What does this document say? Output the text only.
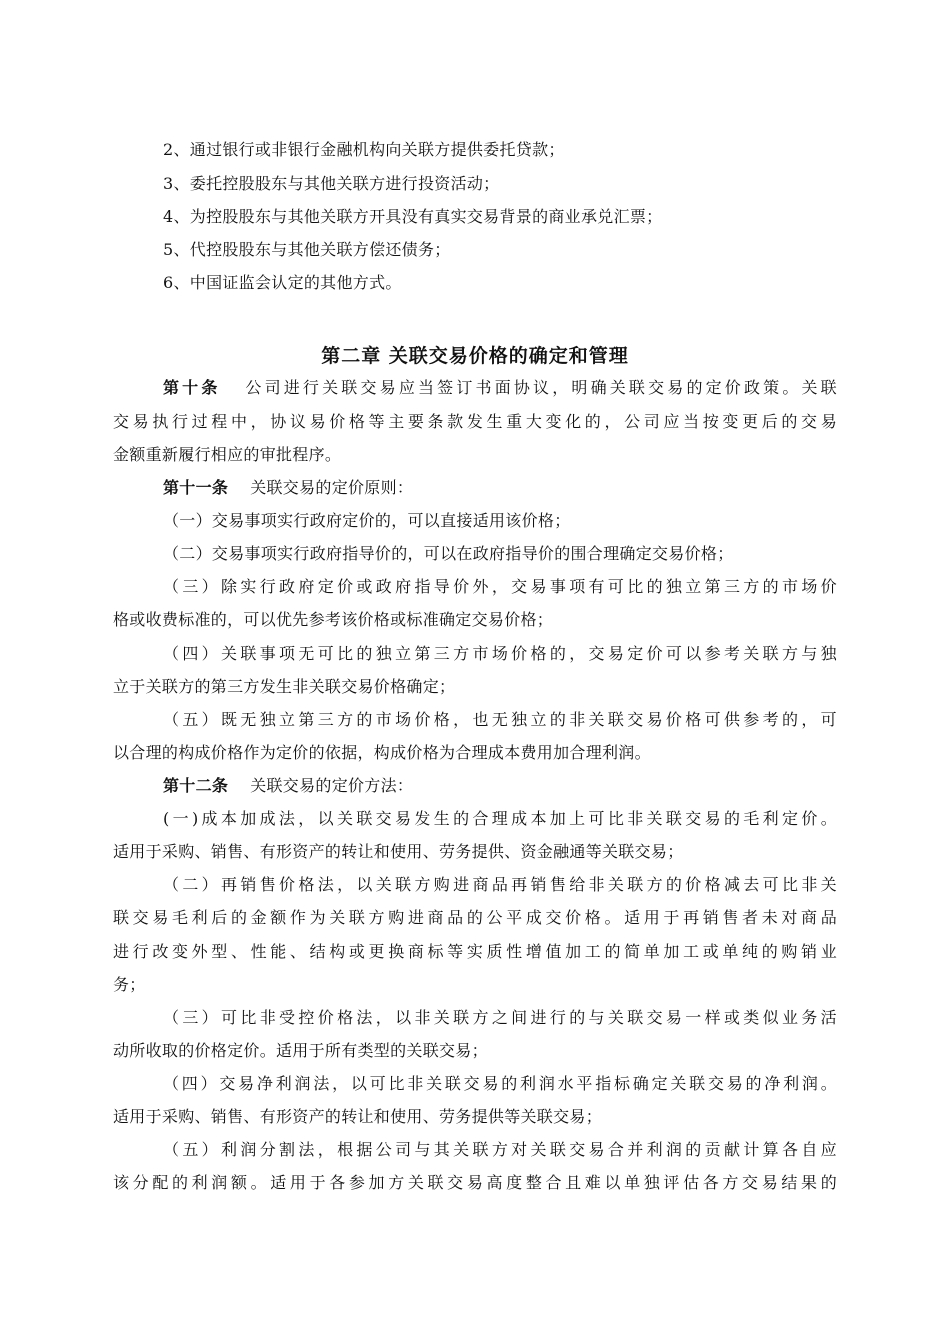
2、通过银行或非银行金融机构向关联方提供委托贷款；
3、委托控股股东与其他关联方进行投资活动；
4、为控股股东与其他关联方开具没有真实交易背景的商业承兑汇票；
5、代控股股东与其他关联方偿还债务；
6、中国证监会认定的其他方式。
第二章 关联交易价格的确定和管理
第十条 公司进行关联交易应当签订书面协议，明确关联交易的定价政策。关联
交易执行过程中，协议易价格等主要条款发生重大变化的，公司应当按变更后的交易
金额重新履行相应的审批程序。
第十一条 关联交易的定价原则：
（一）交易事项实行政府定价的，可以直接适用该价格；
（二）交易事项实行政府指导价的，可以在政府指导价的围合理确定交易价格；
（三）除实行政府定价或政府指导价外，交易事项有可比的独立第三方的市场价
格或收费标准的，可以优先参考该价格或标准确定交易价格；
（四）关联事项无可比的独立第三方市场价格的，交易定价可以参考关联方与独
立于关联方的第三方发生非关联交易价格确定；
（五）既无独立第三方的市场价格，也无独立的非关联交易价格可供参考的，可
以合理的构成价格作为定价的依据，构成价格为合理成本费用加合理利润。
第十二条 关联交易的定价方法：
(一)成本加成法，以关联交易发生的合理成本加上可比非关联交易的毛利定价。
适用于采购、销售、有形资产的转让和使用、劳务提供、资金融通等关联交易；
（二）再销售价格法，以关联方购进商品再销售给非关联方的价格减去可比非关
联交易毛利后的金额作为关联方购进商品的公平成交价格。适用于再销售者未对商品
进行改变外型、性能、结构或更换商标等实质性增值加工的简单加工或单纯的购销业
务；
（三）可比非受控价格法，以非关联方之间进行的与关联交易一样或类似业务活
动所收取的价格定价。适用于所有类型的关联交易；
（四）交易净利润法，以可比非关联交易的利润水平指标确定关联交易的净利润。
适用于采购、销售、有形资产的转让和使用、劳务提供等关联交易；
（五）利润分割法，根据公司与其关联方对关联交易合并利润的贡献计算各自应
该分配的利润额。适用于各参加方关联交易高度整合且难以单独评估各方交易结果的
